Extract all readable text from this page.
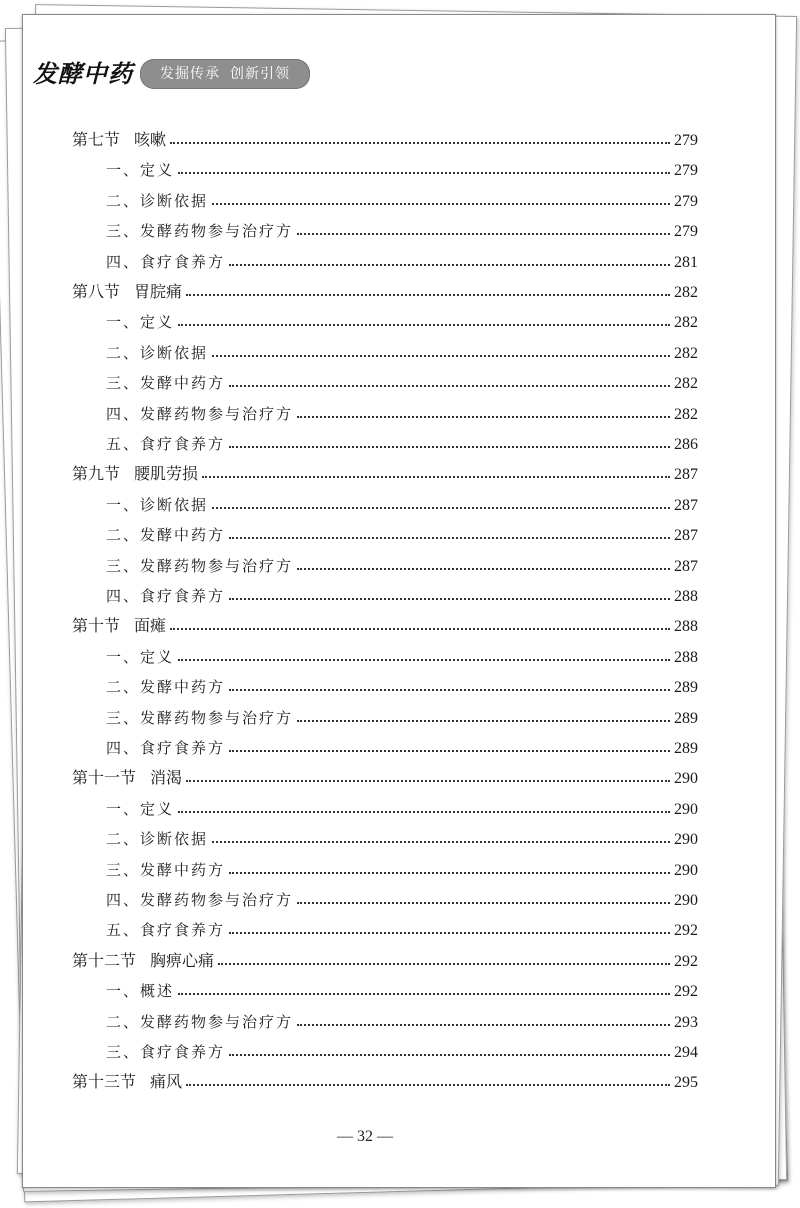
发酵中药	发掘传承 创新引领
第七节 咳嗽	279
一、定义	279
二、诊断依据	279
三、发酵药物参与治疗方	279
四、食疗食养方	281
第八节 胃脘痛	282
一、定义	282
二、诊断依据	282
三、发酵中药方	282
四、发酵药物参与治疗方	282
五、食疗食养方	286
第九节 腰肌劳损	287
一、诊断依据	287
二、发酵中药方	287
三、发酵药物参与治疗方	287
四、食疗食养方	288
第十节 面瘫	288
一、定义	288
二、发酵中药方	289
三、发酵药物参与治疗方	289
四、食疗食养方	289
第十一节 消渴	290
一、定义	290
二、诊断依据	290
三、发酵中药方	290
四、发酵药物参与治疗方	290
五、食疗食养方	292
第十二节 胸痹心痛	292
一、概述	292
二、发酵药物参与治疗方	293
三、食疗食养方	294
第十三节 痛风	295
— 32 —
